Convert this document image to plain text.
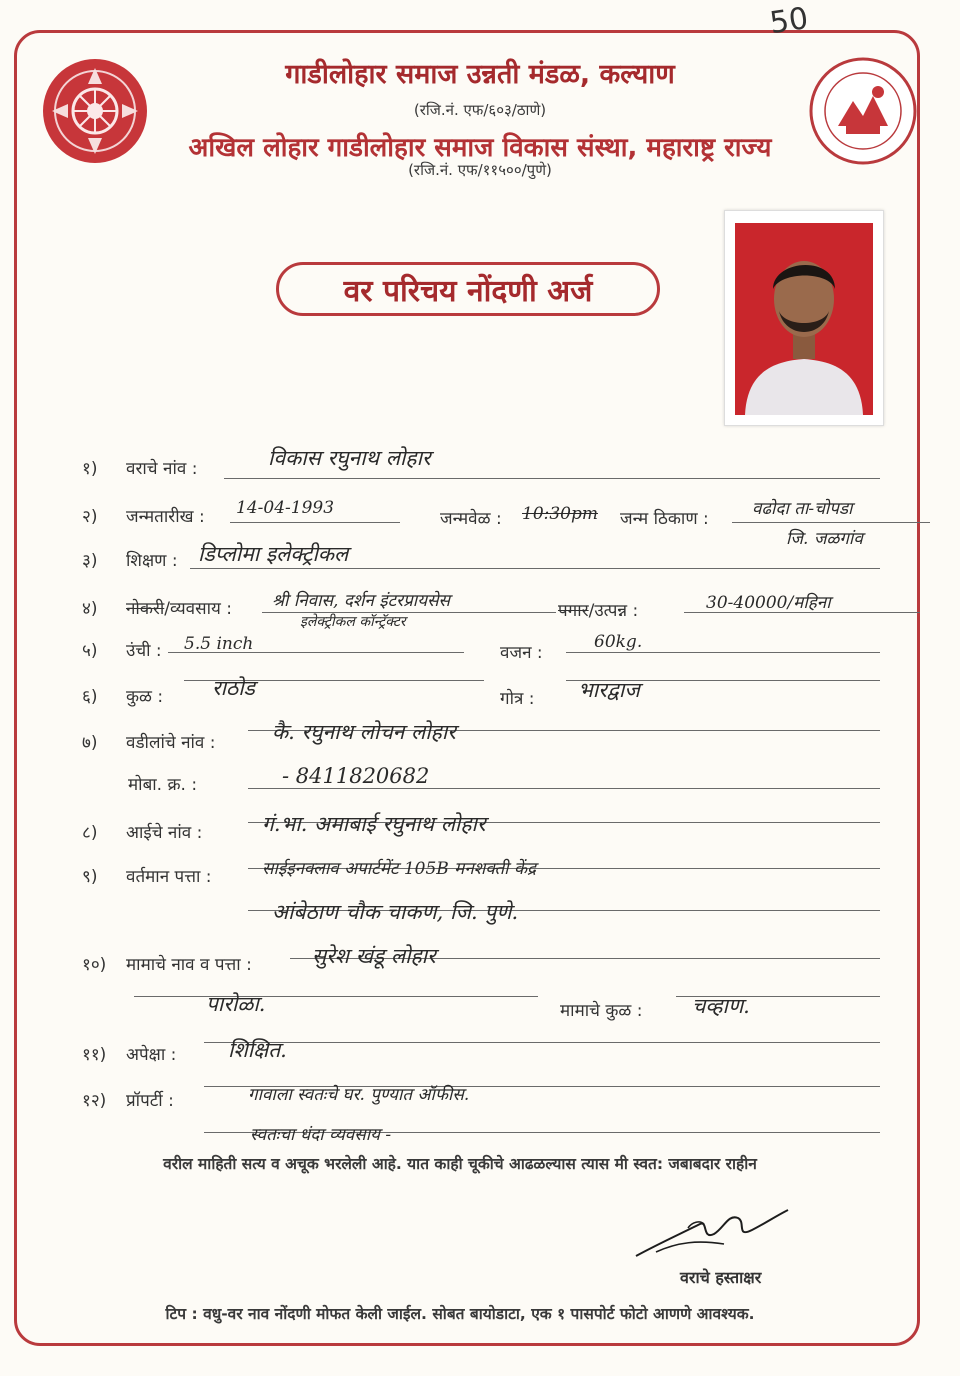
50
गाडीलोहार समाज उन्नती मंडळ, कल्याण
(रजि.नं. एफ/६०३/ठाणे)
अखिल लोहार गाडीलोहार समाज विकास संस्था, महाराष्ट्र राज्य
(रजि.नं. एफ/११५००/पुणे)
वर परिचय नोंदणी अर्ज
१) वराचे नांव :	विकास रघुनाथ लोहार
२) जन्मतारीख : 14-04-1993
जन्मवेळ : 10:30pm जन्म ठिकाण :	वढोदा ता-चोपडा
जि. जळगांव
३) शिक्षण : डिप्लोमा इलेक्ट्रीकल
४) नोकरी/व्यवसाय : श्री निवास, दर्शन इंटरप्रायसेस
इलेक्ट्रीकल कॉन्ट्रॅक्टर
पगार/उत्पन्न :	30-40000/महिना
५) उंची : 5.5 inch	वजन :
60kg.
६) कुळ : राठोड	गोत्र : भारद्वाज
७) वडीलांचे नांव :	कै. रघुनाथ लोचन लोहार
मोबा. क्र. :	- 8411820682
८) आईचे नांव :	गं.भा. अमाबाई रघुनाथ लोहार
९) वर्तमान पत्ता :	साईइनक्लाव अपार्टमेंट 105B मनशक्ती केंद्र
आंबेठाण चौक चाकण, जि. पुणे.
१०) मामाचे नाव व पत्ता :	सुरेश खंडू लोहार
पारोळा.	मामाचे कुळ : चव्हाण.
११) अपेक्षा : शिक्षित.
१२) प्रॉपर्टी :	गावाला स्वतःचे घर. पुण्यात ऑफीस.
स्वतःचा धंदा व्यवसाय -
वरील माहिती सत्य व अचूक भरलेली आहे. यात काही चूकीचे आढळल्यास त्यास मी स्वत: जबाबदार राहीन
वराचे हस्ताक्षर
टिप : वधु-वर नाव नोंदणी मोफत केली जाईल. सोबत बायोडाटा, एक १ पासपोर्ट फोटो आणणे आवश्यक.
